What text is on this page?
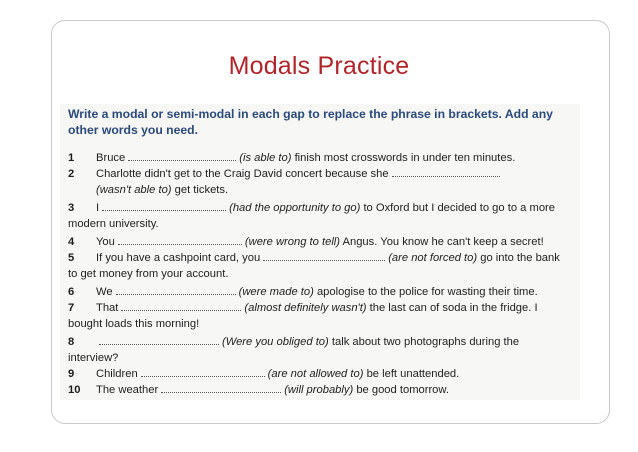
Modals Practice
Write a modal or semi-modal in each gap to replace the phrase in brackets. Add any other words you need.
1 Bruce	(is able to) finish most crosswords in under ten minutes.
2 Charlotte didn't get to the Craig David concert because she
(wasn't able to) get tickets.
3 I	(had the opportunity to go) to Oxford but I decided to go to a more modern university.
4 You	(were wrong to tell) Angus. You know he can't keep a secret!
5 If you have a cashpoint card, you	(are not forced to) go into the bank to get money from your account.
6 We	(were made to) apologise to the police for wasting their time.
7 That	(almost definitely wasn't) the last can of soda in the fridge. I bought loads this morning!
8	(Were you obliged to) talk about two photographs during the interview?
9 Children	(are not allowed to) be left unattended.
10 The weather	(will probably) be good tomorrow.
